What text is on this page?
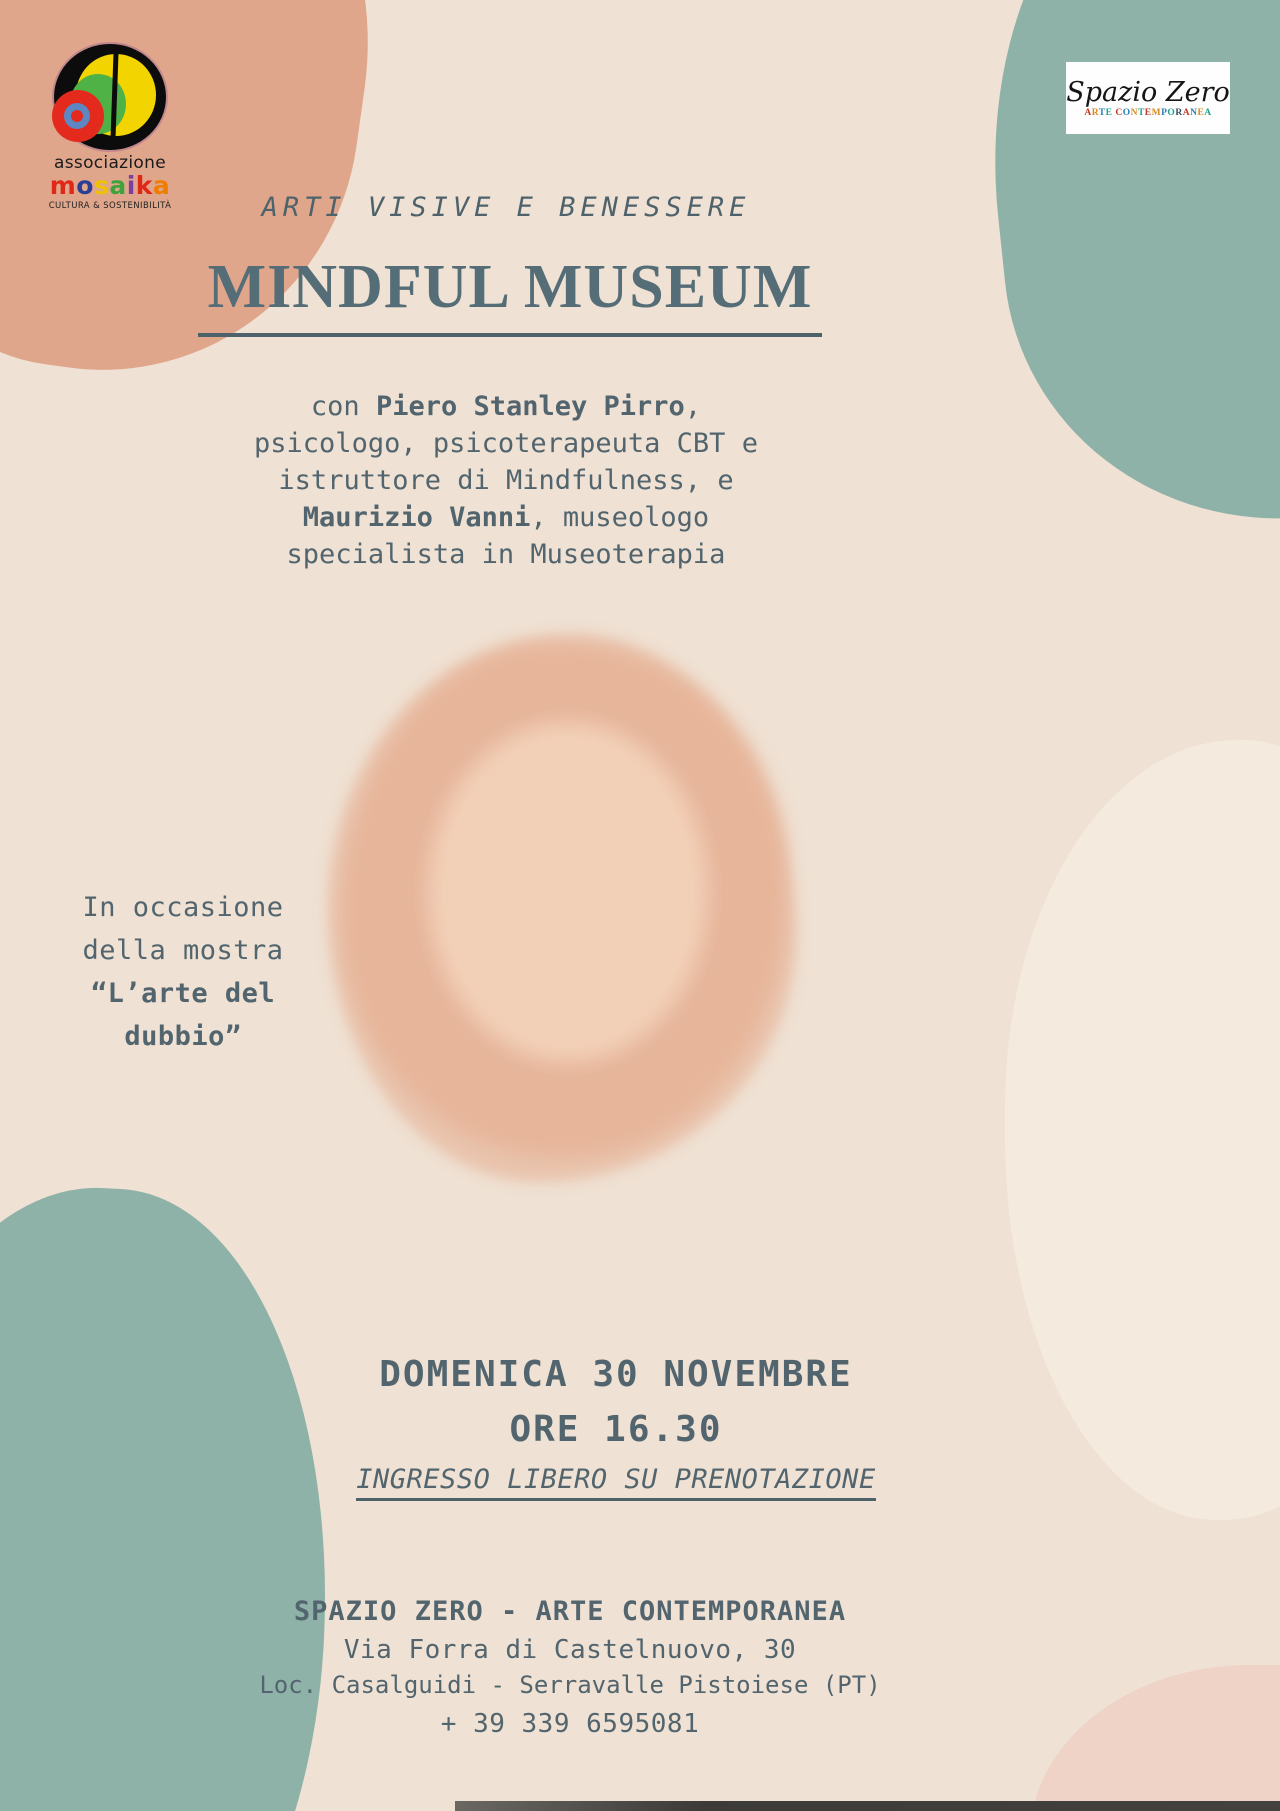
associazione
mosaika
CULTURA & SOSTENIBILITÀ
Spazio Zero
ARTE CONTEMPORANEA
ARTI VISIVE E BENESSERE
MINDFUL MUSEUM
con Piero Stanley Pirro,
psicologo, psicoterapeuta CBT e
istruttore di Mindfulness, e
Maurizio Vanni, museologo
specialista in Museoterapia
In occasione
della mostra
“L’arte del
dubbio”
DOMENICA 30 NOVEMBRE
ORE 16.30
INGRESSO LIBERO SU PRENOTAZIONE
SPAZIO ZERO - ARTE CONTEMPORANEA
Via Forra di Castelnuovo, 30
Loc. Casalguidi - Serravalle Pistoiese (PT)
+ 39 339 6595081
